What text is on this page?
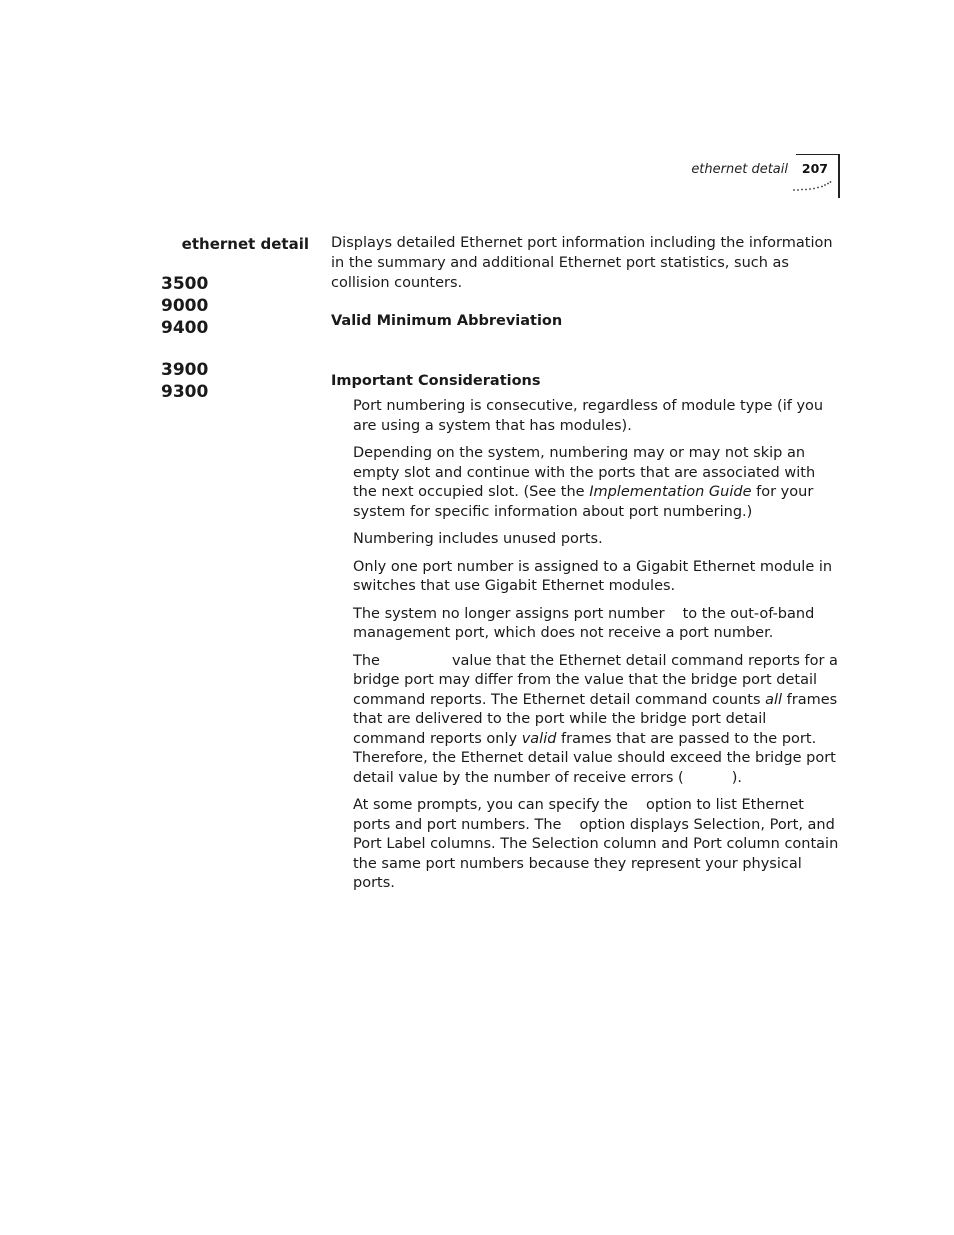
ethernet detail 207
ethernet detail
3500
9000
9400
3900
9300

Displays detailed Ethernet port information including the information in the summary and additional Ethernet port statistics, such as collision counters.

Valid Minimum Abbreviation

Important Considerations

Port numbering is consecutive, regardless of module type (if you are using a system that has modules).

Depending on the system, numbering may or may not skip an empty slot and continue with the ports that are associated with the next occupied slot. (See the Implementation Guide for your system for specific information about port numbering.)

Numbering includes unused ports.

Only one port number is assigned to a Gigabit Ethernet module in switches that use Gigabit Ethernet modules.

The system no longer assigns port number to the out-of-band management port, which does not receive a port number.

The	value that the Ethernet detail command reports for a bridge port may differ from the value that the bridge port detail command reports. The Ethernet detail command counts all frames that are delivered to the port while the bridge port detail command reports only valid frames that are passed to the port. Therefore, the Ethernet detail value should exceed the bridge port detail value by the number of receive errors (	).

At some prompts, you can specify the option to list Ethernet ports and port numbers. The option displays Selection, Port, and Port Label columns. The Selection column and Port column contain the same port numbers because they represent your physical ports.
